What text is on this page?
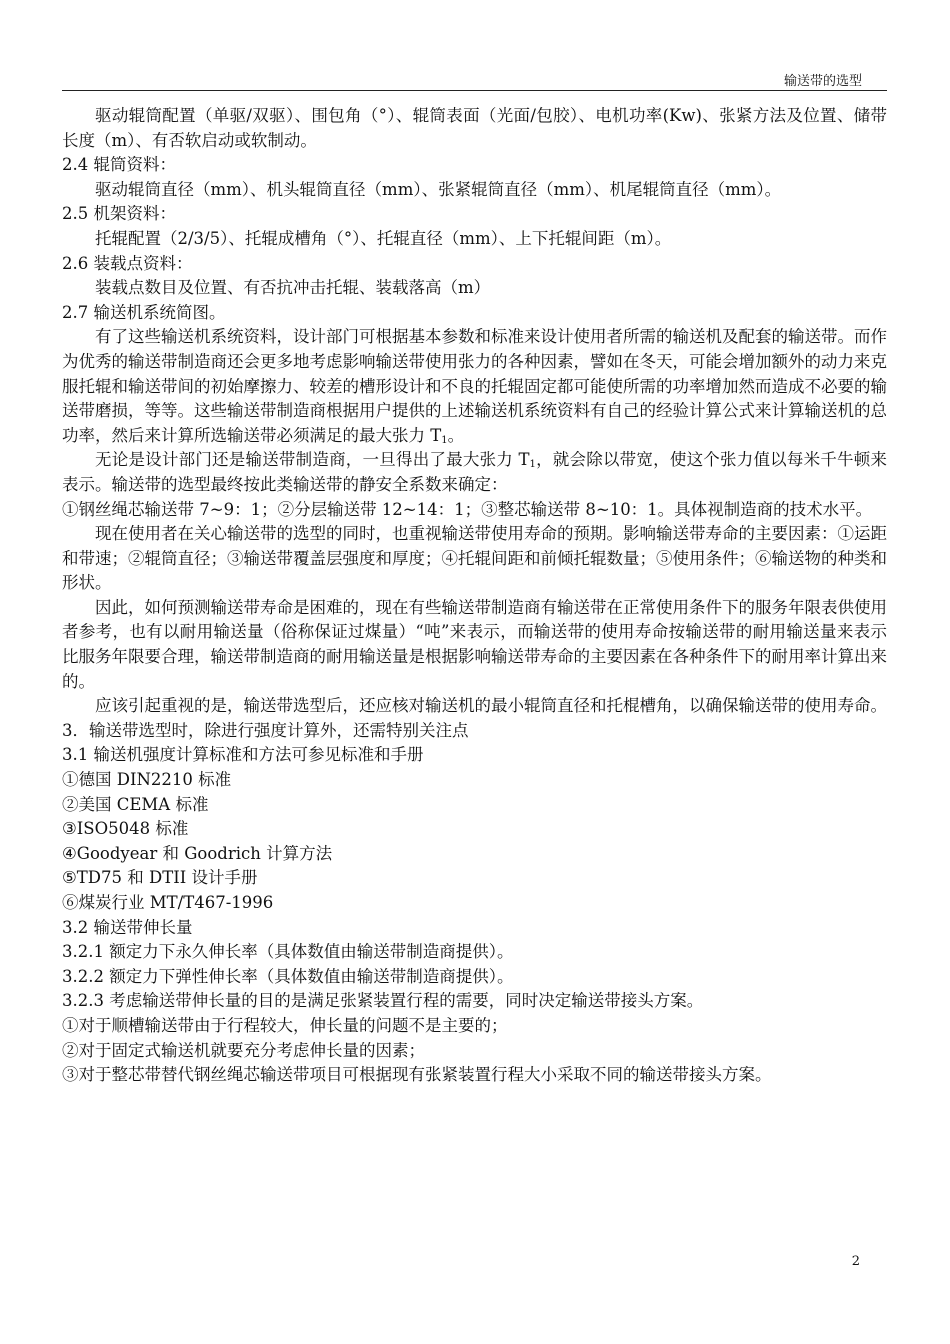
输送带的选型

驱动辊筒配置（单驱/双驱）、围包角（°）、辊筒表面（光面/包胶）、电机功率(Kw)、张紧方法及位置、储带长度（m）、有否软启动或软制动。

2.4 辊筒资料：

驱动辊筒直径（mm）、机头辊筒直径（mm）、张紧辊筒直径（mm）、机尾辊筒直径（mm）。

2.5 机架资料：

托辊配置（2/3/5）、托辊成槽角（°）、托辊直径（mm）、上下托辊间距（m）。

2.6 装载点资料：

装载点数目及位置、有否抗冲击托辊、装载落高（m）

2.7 输送机系统简图。

有了这些输送机系统资料，设计部门可根据基本参数和标准来设计使用者所需的输送机及配套的输送带。而作为优秀的输送带制造商还会更多地考虑影响输送带使用张力的各种因素，譬如在冬天，可能会增加额外的动力来克服托辊和输送带间的初始摩擦力、较差的槽形设计和不良的托辊固定都可能使所需的功率增加然而造成不必要的输送带磨损，等等。这些输送带制造商根据用户提供的上述输送机系统资料有自己的经验计算公式来计算输送机的总功率，然后来计算所选输送带必须满足的最大张力 $T_1$。

无论是设计部门还是输送带制造商，一旦得出了最大张力 $T_1$，就会除以带宽，使这个张力值以每米千牛顿来表示。输送带的选型最终按此类输送带的静安全系数来确定：

①钢丝绳芯输送带 7~9：1；②分层输送带 12~14：1；③整芯输送带 8~10：1。具体视制造商的技术水平。

现在使用者在关心输送带的选型的同时，也重视输送带使用寿命的预期。影响输送带寿命的主要因素：①运距和带速；②辊筒直径；③输送带覆盖层强度和厚度；④托辊间距和前倾托辊数量；⑤使用条件；⑥输送物的种类和形状。

因此，如何预测输送带寿命是困难的，现在有些输送带制造商有输送带在正常使用条件下的服务年限表供使用者参考，也有以耐用输送量（俗称保证过煤量）“吨”来表示，而输送带的使用寿命按输送带的耐用输送量来表示比服务年限要合理，输送带制造商的耐用输送量是根据影响输送带寿命的主要因素在各种条件下的耐用率计算出来的。

应该引起重视的是，输送带选型后，还应核对输送机的最小辊筒直径和托棍槽角，以确保输送带的使用寿命。

3．输送带选型时，除进行强度计算外，还需特别关注点

3.1 输送机强度计算标准和方法可参见标准和手册

①德国 DIN2210 标准

②美国 CEMA 标准

③ISO5048 标准

④Goodyear 和 Goodrich 计算方法

⑤TD75 和 DTII 设计手册

⑥煤炭行业 MT/T467-1996

3.2 输送带伸长量

3.2.1 额定力下永久伸长率（具体数值由输送带制造商提供）。

3.2.2 额定力下弹性伸长率（具体数值由输送带制造商提供）。

3.2.3 考虑输送带伸长量的目的是满足张紧装置行程的需要，同时决定输送带接头方案。

①对于顺槽输送带由于行程较大，伸长量的问题不是主要的；

②对于固定式输送机就要充分考虑伸长量的因素；

③对于整芯带替代钢丝绳芯输送带项目可根据现有张紧装置行程大小采取不同的输送带接头方案。

2
